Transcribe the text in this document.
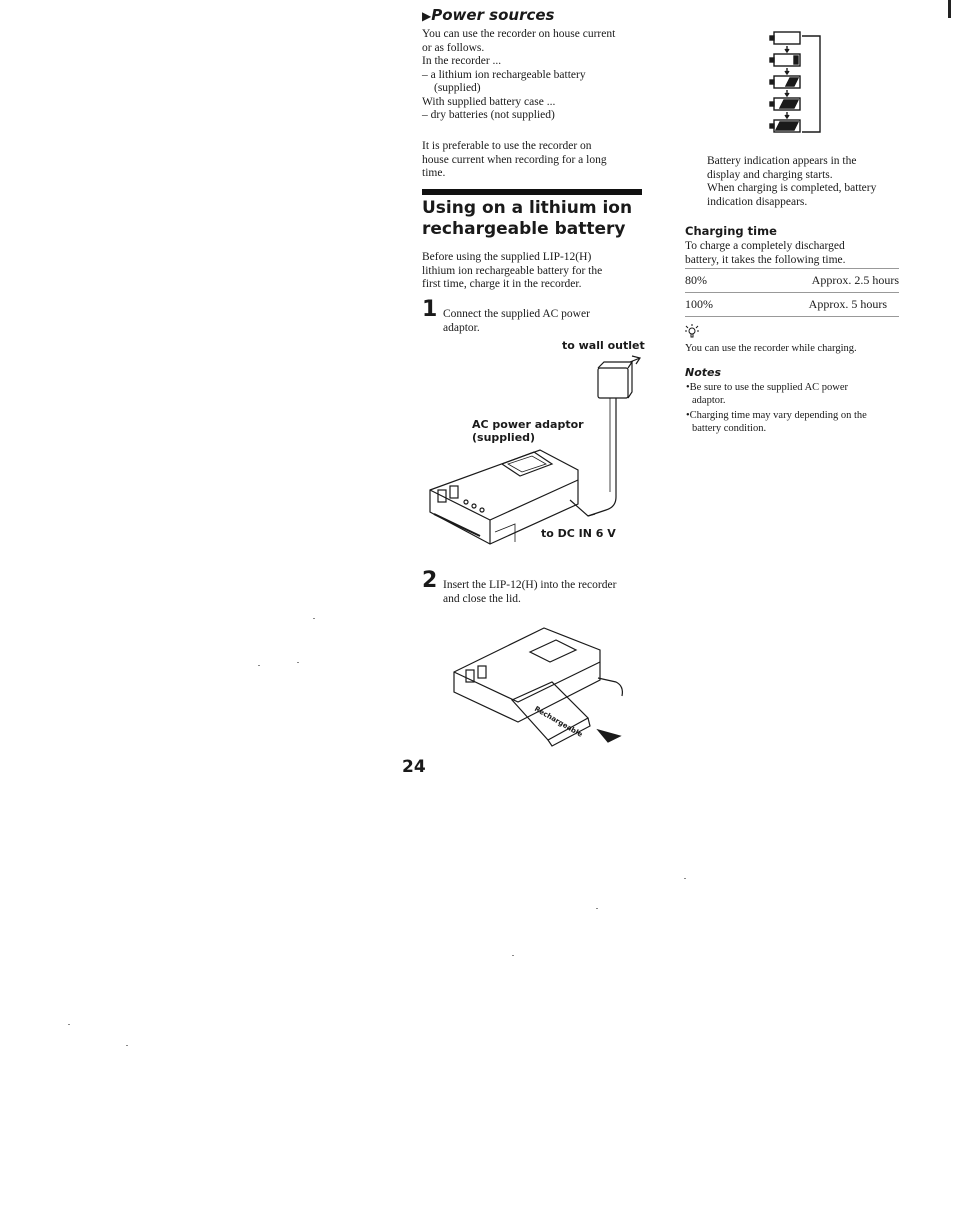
▶Power sources
You can use the recorder on house current
or as follows.
In the recorder ...
– a lithium ion rechargeable battery
(supplied)
With supplied battery case ...
– dry batteries (not supplied)
It is preferable to use the recorder on
house current when recording for a long
time.
Using on a lithium ion
rechargeable battery
Before using the supplied LIP-12(H)
lithium ion rechargeable battery for the
first time, charge it in the recorder.
1 Connect the supplied AC power
adaptor.
to wall outlet
AC power adaptor
(supplied)
to DC IN 6 V
2 Insert the LIP-12(H) into the recorder
and close the lid.
Rechargeable
24
Battery indication appears in the
display and charging starts.
When charging is completed, battery
indication disappears.
Charging time
To charge a completely discharged
battery, it takes the following time.
80%	Approx. 2.5 hours
100%	Approx. 5 hours
You can use the recorder while charging.
Notes
•Be sure to use the supplied AC power
adaptor.
•Charging time may vary depending on the
battery condition.
